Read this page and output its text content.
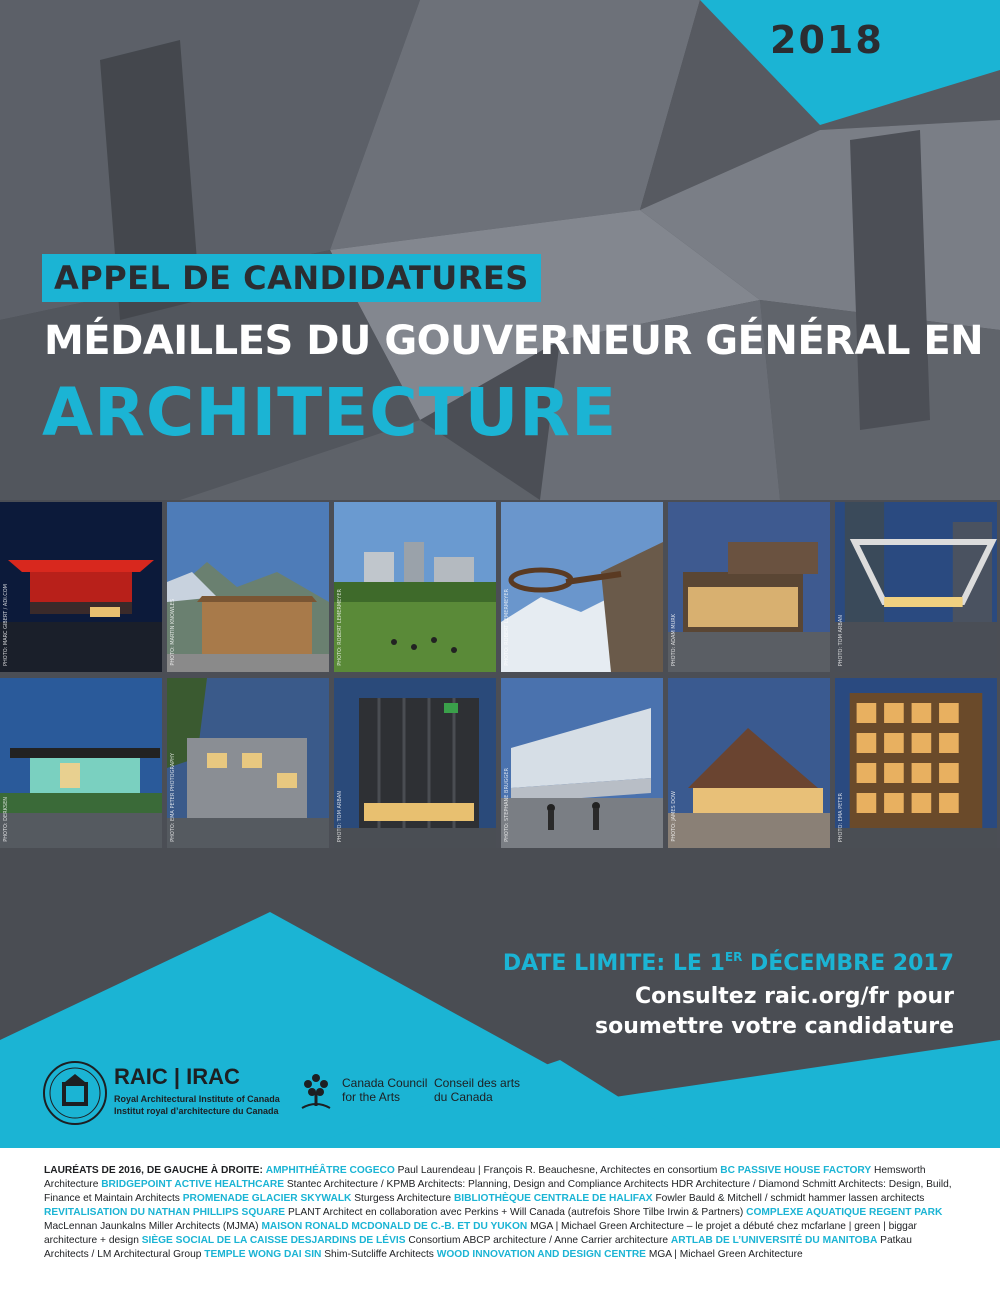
2018
APPEL DE CANDIDATURES
MÉDAILLES DU GOUVERNEUR GÉNÉRAL EN
ARCHITECTURE
PHOTO: MARC GIBERT / ADI.COM	PHOTO: MARTIN KNOWLES	PHOTO: ROBERT LEMERMEYER	PHOTO: ROBERT LEMERMEYER	PHOTO: ADAM MURK	PHOTO: TOM ARBAN
PHOTO: DERKSEN	PHOTO: EMA PETER PHOTOGRAPHY	PHOTO: TOM ARBAN	PHOTO: STEPHANE BRUGGER	PHOTO: JAMES DOW	PHOTO: EMA PETER
DATE LIMITE: LE 1ER DÉCEMBRE 2017
Consultez raic.org/fr pour
soumettre votre candidature
RAIC | IRAC
Royal Architectural Institute of Canada
Institut royal d’architecture du Canada
Canada Council for the Arts
Conseil des arts du Canada
LAURÉATS DE 2016, DE GAUCHE À DROITE: AMPHITHÉÂTRE COGECO Paul Laurendeau | François R. Beauchesne, Architectes en consortium BC PASSIVE HOUSE FACTORY Hemsworth Architecture BRIDGEPOINT ACTIVE HEALTHCARE Stantec Architecture / KPMB Architects: Planning, Design and Compliance Architects HDR Architecture / Diamond Schmitt Architects: Design, Build, Finance et Maintain Architects PROMENADE GLACIER SKYWALK Sturgess Architecture BIBLIOTHÈQUE CENTRALE DE HALIFAX Fowler Bauld & Mitchell / schmidt hammer lassen architects REVITALISATION DU NATHAN PHILLIPS SQUARE PLANT Architect en collaboration avec Perkins + Will Canada (autrefois Shore Tilbe Irwin & Partners) COMPLEXE AQUATIQUE REGENT PARK MacLennan Jaunkalns Miller Architects (MJMA) MAISON RONALD MCDONALD DE C.-B. ET DU YUKON MGA | Michael Green Architecture – le projet a débuté chez mcfarlane | green | biggar architecture + design SIÈGE SOCIAL DE LA CAISSE DESJARDINS DE LÉVIS Consortium ABCP architecture / Anne Carrier architecture ARTLAB DE L’UNIVERSITÉ DU MANITOBA Patkau Architects / LM Architectural Group TEMPLE WONG DAI SIN Shim-Sutcliffe Architects WOOD INNOVATION AND DESIGN CENTRE MGA | Michael Green Architecture
